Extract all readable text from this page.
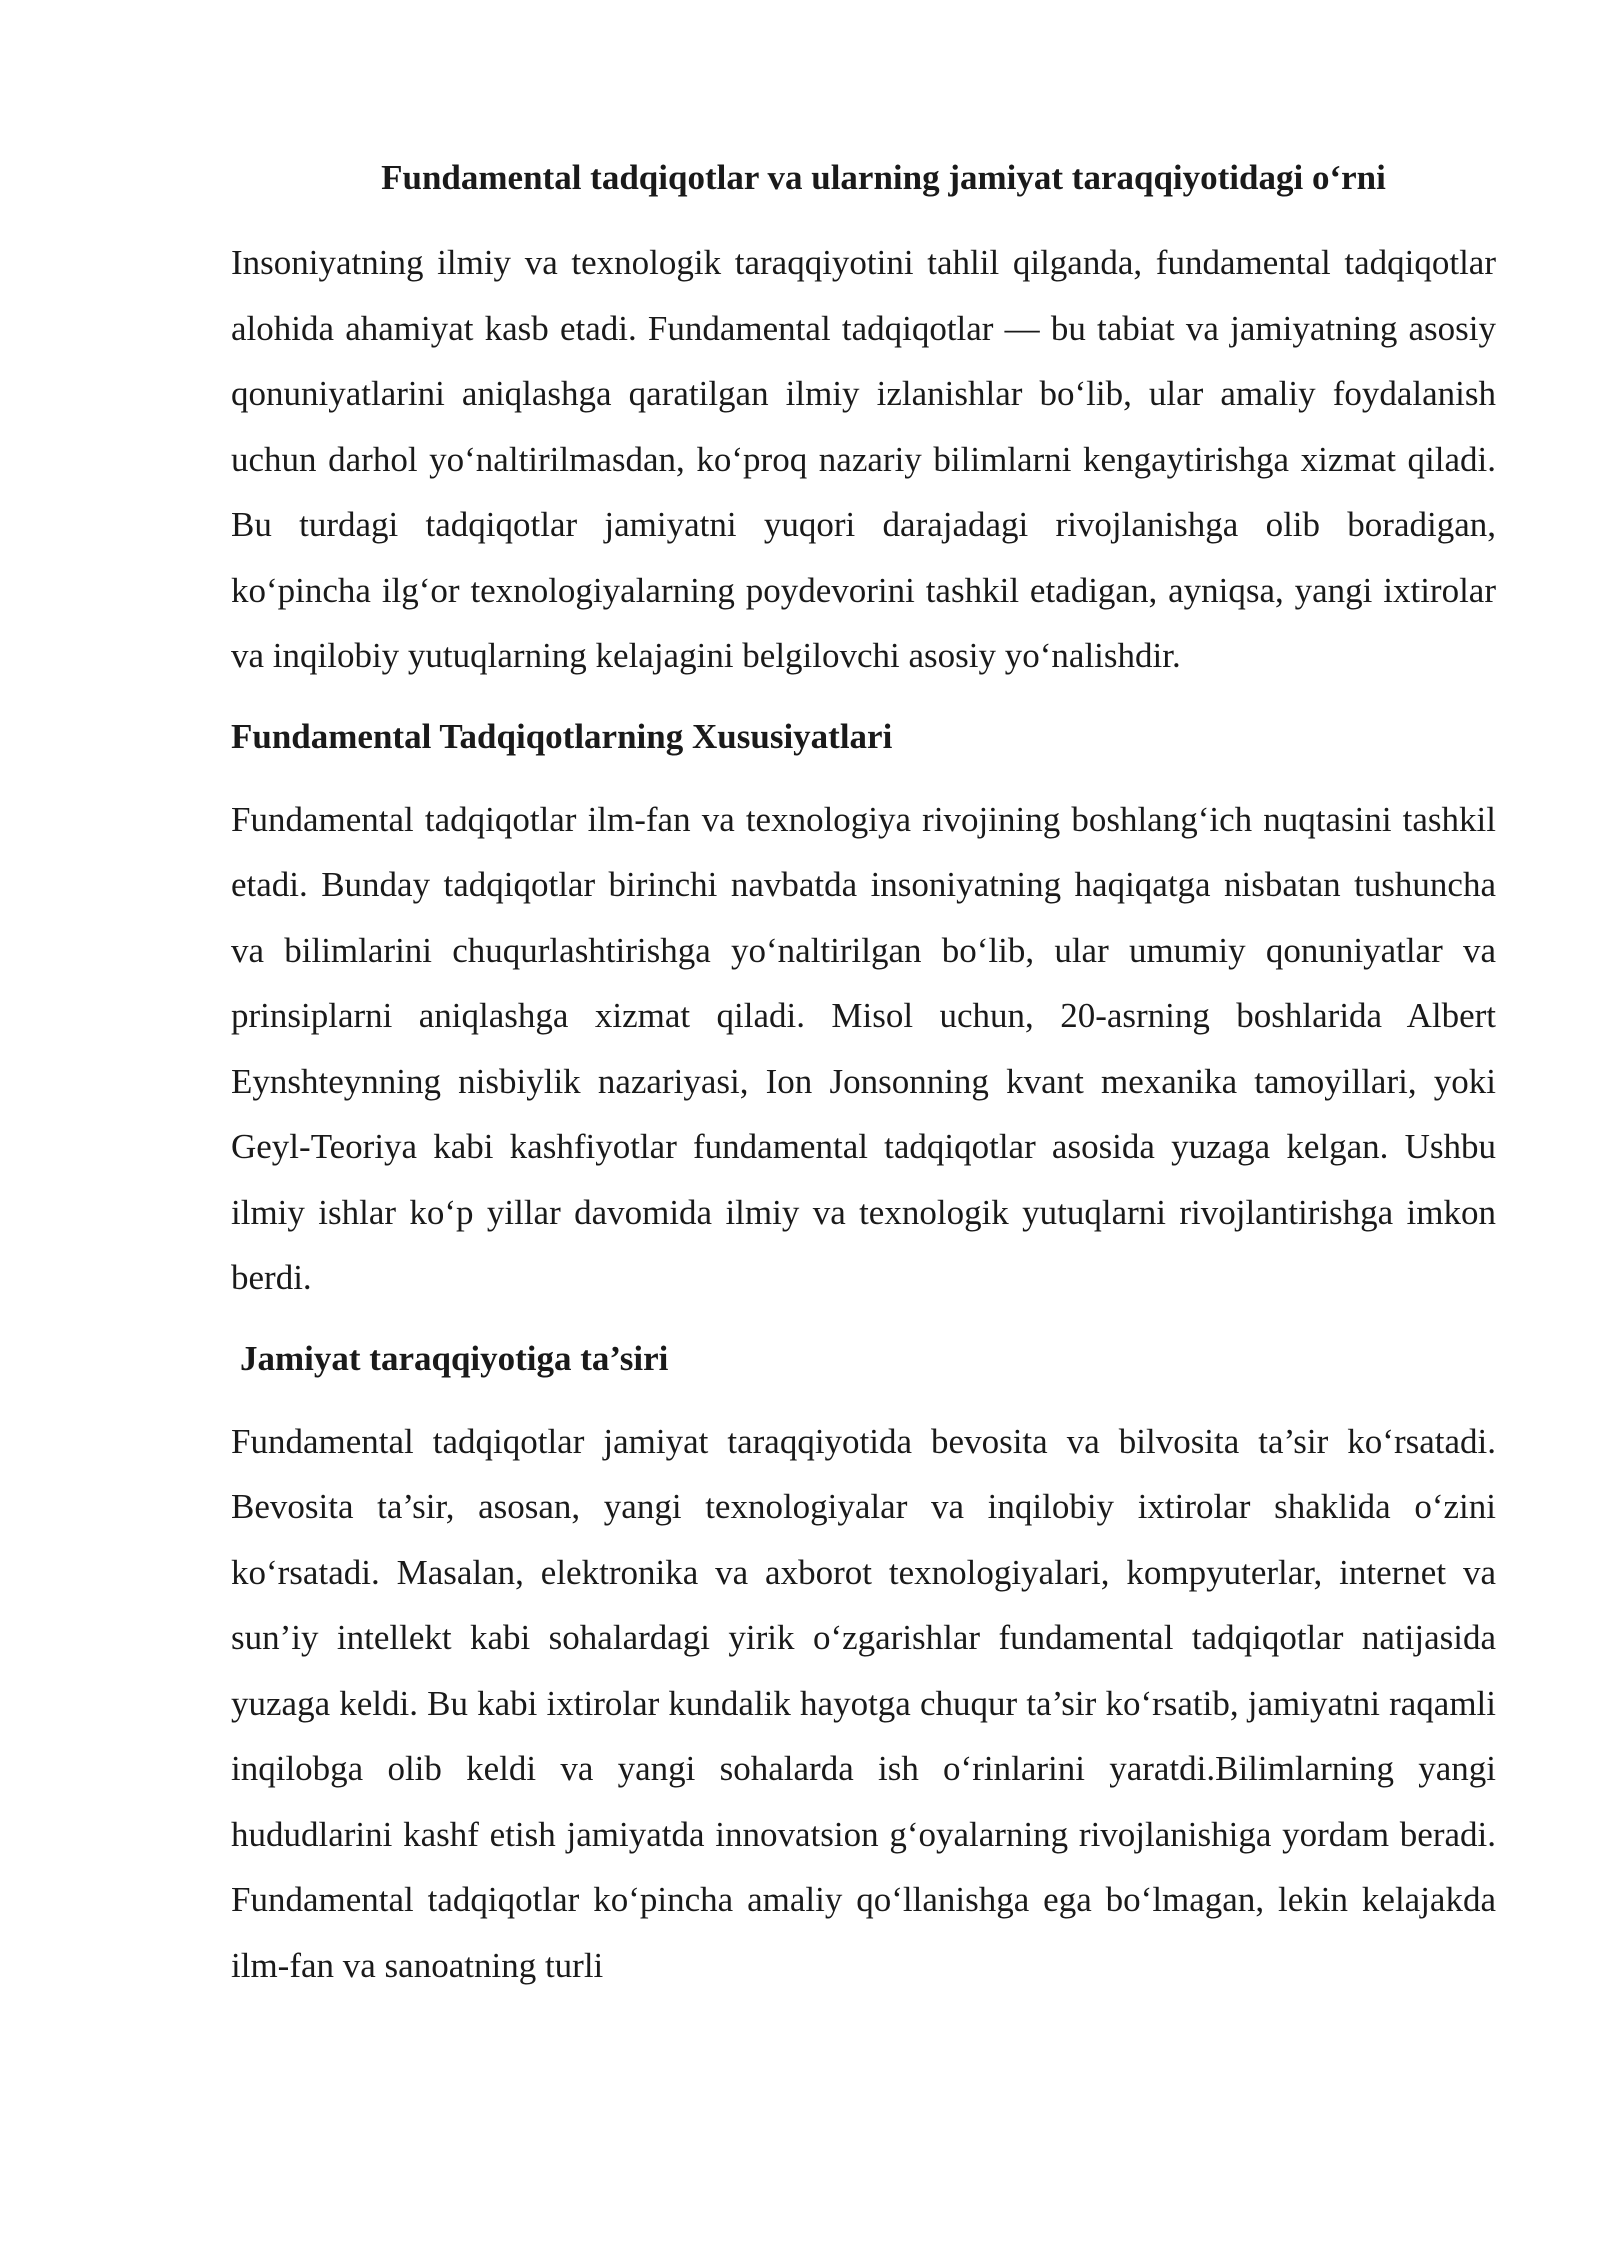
Fundamental tadqiqotlar va ularning jamiyat taraqqiyotidagi o‘rni

Insoniyatning ilmiy va texnologik taraqqiyotini tahlil qilganda, fundamental tadqiqotlar alohida ahamiyat kasb etadi. Fundamental tadqiqotlar — bu tabiat va jamiyatning asosiy qonuniyatlarini aniqlashga qaratilgan ilmiy izlanishlar bo‘lib, ular amaliy foydalanish uchun darhol yo‘naltirilmasdan, ko‘proq nazariy bilimlarni kengaytirishga xizmat qiladi. Bu turdagi tadqiqotlar jamiyatni yuqori darajadagi rivojlanishga olib boradigan, ko‘pincha ilg‘or texnologiyalarning poydevorini tashkil etadigan, ayniqsa, yangi ixtirolar va inqilobiy yutuqlarning kelajagini belgilovchi asosiy yo‘nalishdir.

Fundamental Tadqiqotlarning Xususiyatlari

Fundamental tadqiqotlar ilm-fan va texnologiya rivojining boshlang‘ich nuqtasini tashkil etadi. Bunday tadqiqotlar birinchi navbatda insoniyatning haqiqatga nisbatan tushuncha va bilimlarini chuqurlashtirishga yo‘naltirilgan bo‘lib, ular umumiy qonuniyatlar va prinsiplarni aniqlashga xizmat qiladi. Misol uchun, 20-asrning boshlarida Albert Eynshteynning nisbiylik nazariyasi, Ion Jonsonning kvant mexanika tamoyillari, yoki Geyl-Teoriya kabi kashfiyotlar fundamental tadqiqotlar asosida yuzaga kelgan. Ushbu ilmiy ishlar ko‘p yillar davomida ilmiy va texnologik yutuqlarni rivojlantirishga imkon berdi.

Jamiyat taraqqiyotiga ta’siri

Fundamental tadqiqotlar jamiyat taraqqiyotida bevosita va bilvosita ta’sir ko‘rsatadi. Bevosita ta’sir, asosan, yangi texnologiyalar va inqilobiy ixtirolar shaklida o‘zini ko‘rsatadi. Masalan, elektronika va axborot texnologiyalari, kompyuterlar, internet va sun’iy intellekt kabi sohalardagi yirik o‘zgarishlar fundamental tadqiqotlar natijasida yuzaga keldi. Bu kabi ixtirolar kundalik hayotga chuqur ta’sir ko‘rsatib, jamiyatni raqamli inqilobga olib keldi va yangi sohalarda ish o‘rinlarini yaratdi.Bilimlarning yangi hududlarini kashf etish jamiyatda innovatsion g‘oyalarning rivojlanishiga yordam beradi. Fundamental tadqiqotlar ko‘pincha amaliy qo‘llanishga ega bo‘lmagan, lekin kelajakda ilm-fan va sanoatning turli
